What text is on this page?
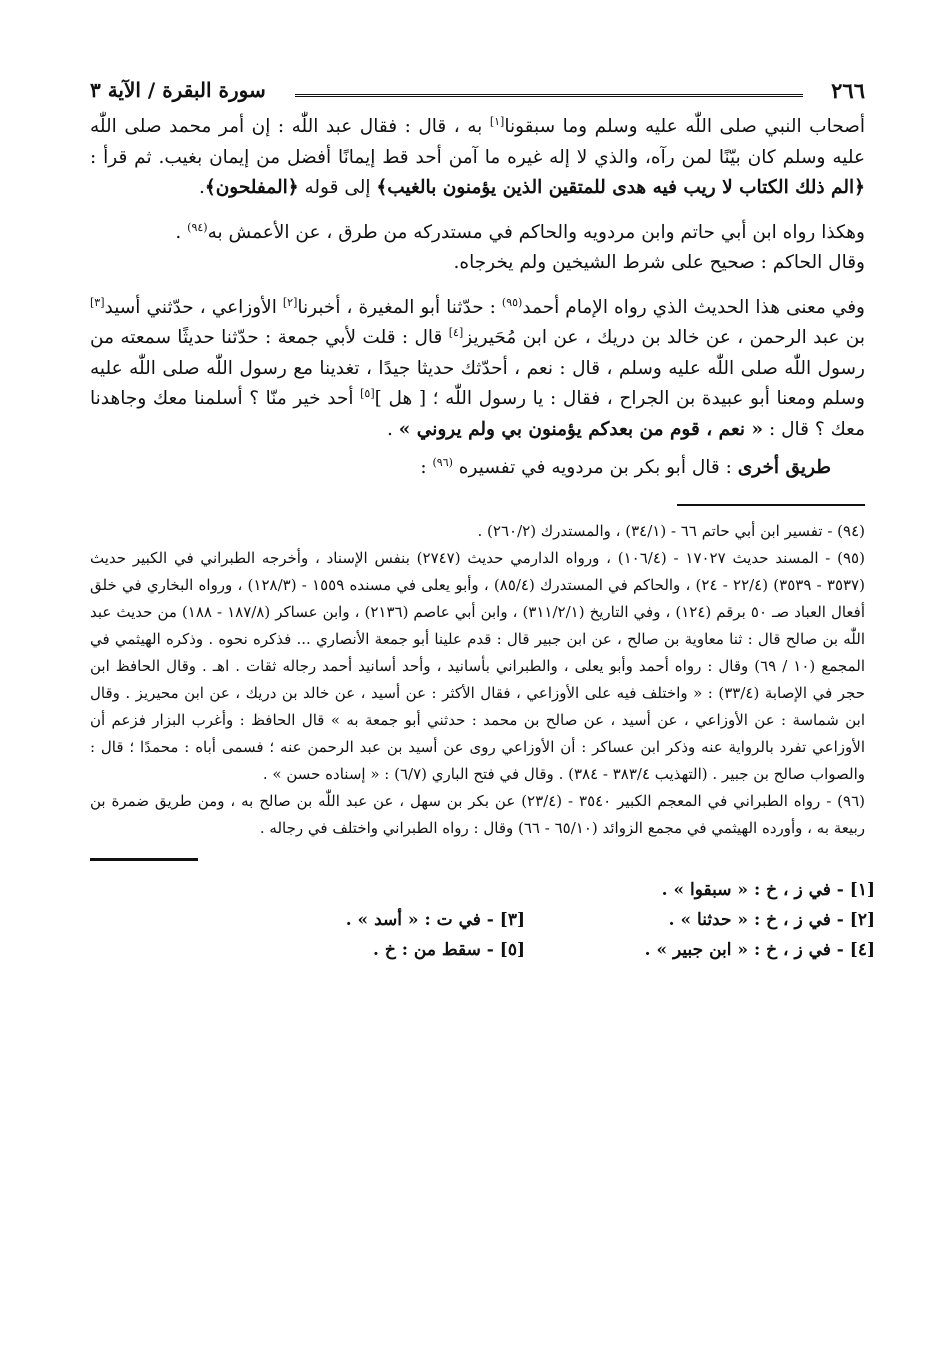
٢٦٦
سورة البقرة / الآية ٣

أصحاب النبي صلى اللّٰه عليه وسلم وما سبقونا[١] به ، قال : فقال عبد اللّٰه : إن أمر محمد صلى اللّٰه عليه وسلم كان بيّنًا لمن رآه، والذي لا إله غيره ما آمن أحد قط إيمانًا أفضل من إيمان بغيب. ثم قرأ : ﴿الم ذلك الكتاب لا ريب فيه هدى للمتقين الذين يؤمنون بالغيب﴾ إلى قوله ﴿المفلحون﴾.

وهكذا رواه ابن أبي حاتم وابن مردويه والحاكم في مستدركه من طرق ، عن الأعمش به$^{(٩٤)}$ .
وقال الحاكم : صحيح على شرط الشيخين ولم يخرجاه.

وفي معنى هذا الحديث الذي رواه الإمام أحمد$^{(٩٥)}$ : حدّثنا أبو المغيرة ، أخبرنا[٢] الأوزاعي ، حدّثني أسيد[٣] بن عبد الرحمن ، عن خالد بن دريك ، عن ابن مُحَيريز[٤] قال : قلت لأبي جمعة : حدّثنا حديثًا سمعته من رسول اللّٰه صلى اللّٰه عليه وسلم ، قال : نعم ، أحدّثك حديثا جيدًا ، تغدينا مع رسول اللّٰه صلى اللّٰه عليه وسلم ومعنا أبو عبيدة بن الجراح ، فقال : يا رسول اللّٰه ؛ [ هل ][٥] أحد خير منّا ؟ أسلمنا معك وجاهدنا معك ؟ قال : « نعم ، قوم من بعدكم يؤمنون بي ولم يروني » .

طريق أخرى : قال أبو بكر بن مردويه في تفسيره $^{(٩٦)}$ :

(٩٤) - تفسير ابن أبي حاتم ٦٦ - (٣٤/١) ، والمستدرك (٢٦٠/٢) .

(٩٥) - المسند حديث ١٧٠٢٧ - (١٠٦/٤) ، ورواه الدارمي حديث (٢٧٤٧) بنفس الإسناد ، وأخرجه الطبراني في الكبير حديث (٣٥٣٧ - ٣٥٣٩) (٢٢/٤ - ٢٤) ، والحاكم في المستدرك (٨٥/٤) ، وأبو يعلى في مسنده ١٥٥٩ - (١٢٨/٣) ، ورواه البخاري في خلق أفعال العباد صـ ٥٠ برقم (١٢٤) ، وفي التاريخ (٣١١/٢/١) ، وابن أبي عاصم (٢١٣٦) ، وابن عساكر (١٨٧/٨ - ١٨٨) من حديث عبد اللّٰه بن صالح قال : ثنا معاوية بن صالح ، عن ابن جبير قال : قدم علينا أبو جمعة الأنصاري ... فذكره نحوه . وذكره الهيثمي في المجمع (١٠ / ٦٩) وقال : رواه أحمد وأبو يعلى ، والطبراني بأسانيد ، وأحد أسانيد أحمد رجاله ثقات . اهـ . وقال الحافظ ابن حجر في الإصابة (٣٣/٤) : « واختلف فيه على الأوزاعي ، فقال الأكثر : عن أسيد ، عن خالد بن دريك ، عن ابن محيريز . وقال ابن شماسة : عن الأوزاعي ، عن أسيد ، عن صالح بن محمد : حدثني أبو جمعة به » قال الحافظ : وأغرب البزار فزعم أن الأوزاعي تفرد بالرواية عنه وذكر ابن عساكر : أن الأوزاعي روى عن أسيد بن عبد الرحمن عنه ؛ فسمى أباه : محمدًا ؛ قال : والصواب صالح بن جبير . (التهذيب ٣٨٣/٤ - ٣٨٤) . وقال في فتح الباري (٦/٧) : « إسناده حسن » .

(٩٦) - رواه الطبراني في المعجم الكبير ٣٥٤٠ - (٢٣/٤) عن بكر بن سهل ، عن عبد اللّٰه بن صالح به ، ومن طريق ضمرة بن ربيعة به ، وأورده الهيثمي في مجمع الزوائد (٦٥/١٠ - ٦٦) وقال : رواه الطبراني واختلف في رجاله .

[١] - في ز ، خ : « سبقوا » .
[٢] - في ز ، خ : « حدثنا » .
[٣] - في ت : « أسد » .
[٤] - في ز ، خ : « ابن جبير » .
[٥] - سقط من : خ .
